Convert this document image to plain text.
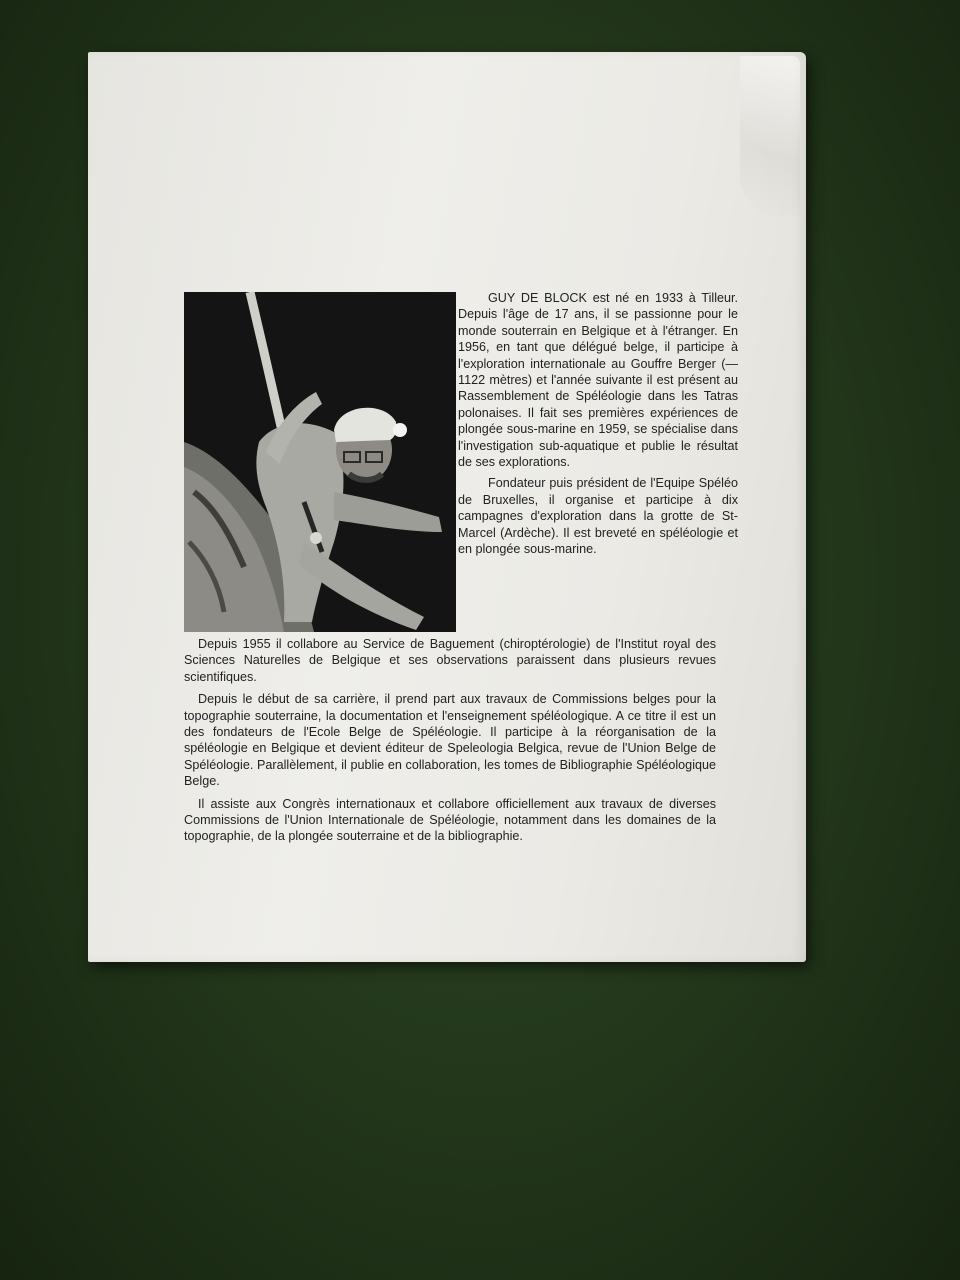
GUY DE BLOCK est né en 1933 à Tilleur. Depuis l'âge de 17 ans, il se passionne pour le monde souterrain en Belgique et à l'étranger. En 1956, en tant que délégué belge, il participe à l'exploration internationale au Gouffre Berger (— 1122 mètres) et l'année suivante il est présent au Rassemblement de Spéléologie dans les Tatras polonaises. Il fait ses premières expériences de plongée sous-marine en 1959, se spécialise dans l'investigation sub-aquatique et publie le résultat de ses explorations.

Fondateur puis président de l'Equipe Spéléo de Bruxelles, il organise et participe à dix campagnes d'exploration dans la grotte de St-Marcel (Ardèche). Il est breveté en spéléologie et en plongée sous-marine.

Depuis 1955 il collabore au Service de Baguement (chiroptérologie) de l'Institut royal des Sciences Naturelles de Belgique et ses observations paraissent dans plusieurs revues scientifiques.

Depuis le début de sa carrière, il prend part aux travaux de Commissions belges pour la topographie souterraine, la documentation et l'enseignement spéléologique. A ce titre il est un des fondateurs de l'Ecole Belge de Spéléologie. Il participe à la réorganisation de la spéléologie en Belgique et devient éditeur de Speleologia Belgica, revue de l'Union Belge de Spéléologie. Parallèlement, il publie en collaboration, les tomes de Bibliographie Spéléologique Belge.

Il assiste aux Congrès internationaux et collabore officiellement aux travaux de diverses Commissions de l'Union Internationale de Spéléologie, notamment dans les domaines de la topographie, de la plongée souterraine et de la bibliographie.
